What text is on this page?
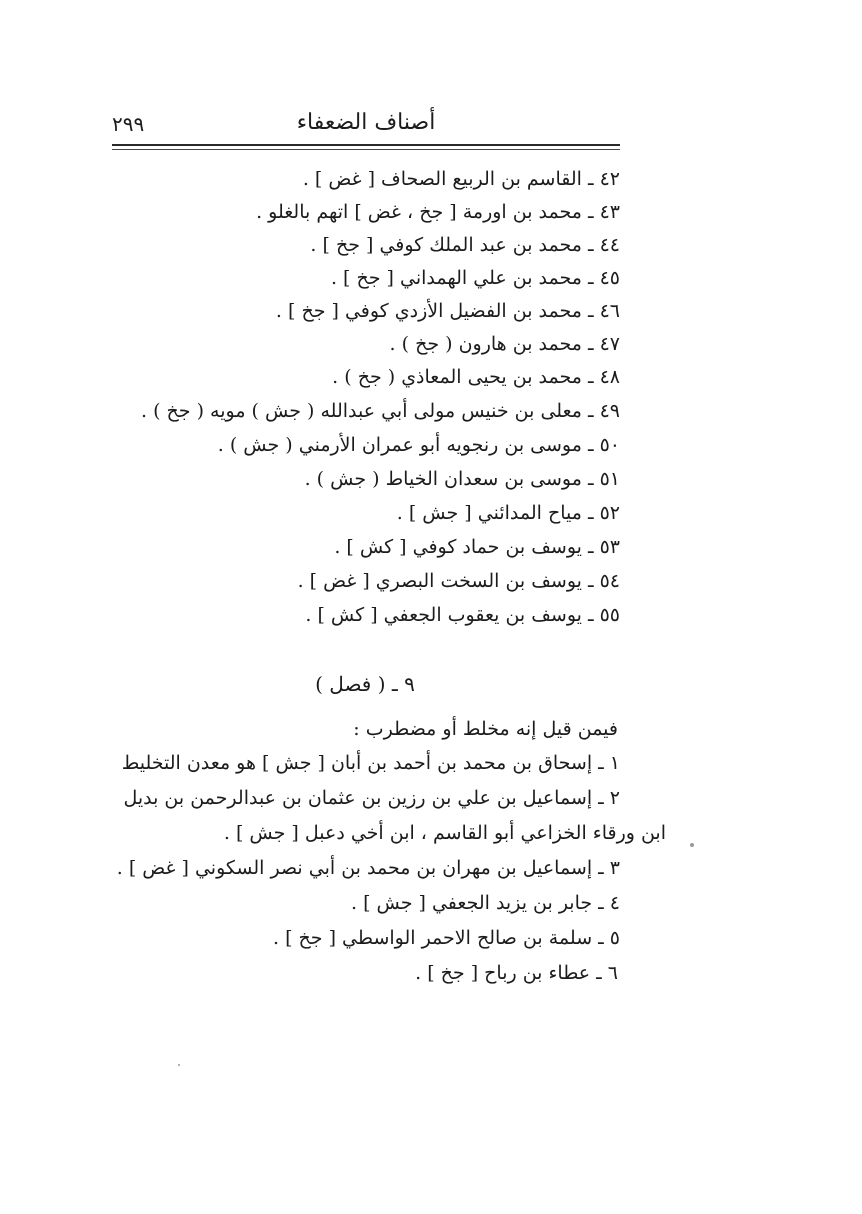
٢٩٩	أصناف الضعفاء
٤٢ ـ القاسم بن الربيع الصحاف [ غض ] .
٤٣ ـ محمد بن اورمة [ جخ ، غض ] اتهم بالغلو .
٤٤ ـ محمد بن عبد الملك كوفي [ جخ ] .
٤٥ ـ محمد بن علي الهمداني [ جخ ] .
٤٦ ـ محمد بن الفضيل الأزدي كوفي [ جخ ] .
٤٧ ـ محمد بن هارون ( جخ ) .
٤٨ ـ محمد بن يحيى المعاذي ( جخ ) .
٤٩ ـ معلى بن خنيس مولى أبي عبدالله ( جش ) مويه ( جخ ) .
٥٠ ـ موسى بن رنجويه أبو عمران الأرمني ( جش ) .
٥١ ـ موسى بن سعدان الخياط ( جش ) .
٥٢ ـ مياح المدائني [ جش ] .
٥٣ ـ يوسف بن حماد كوفي [ كش ] .
٥٤ ـ يوسف بن السخت البصري [ غض ] .
٥٥ ـ يوسف بن يعقوب الجعفي [ كش ] .
٩ ـ ( فصل )
فيمن قيل إنه مخلط أو مضطرب :
١ ـ إسحاق بن محمد بن أحمد بن أبان [ جش ] هو معدن التخليط
٢ ـ إسماعيل بن علي بن رزين بن عثمان بن عبدالرحمن بن بديل
ابن ورقاء الخزاعي أبو القاسم ، ابن أخي دعبل [ جش ] .
٣ ـ إسماعيل بن مهران بن محمد بن أبي نصر السكوني [ غض ] .
٤ ـ جابر بن يزيد الجعفي [ جش ] .
٥ ـ سلمة بن صالح الاحمر الواسطي [ جخ ] .
٦ ـ عطاء بن رباح [ جخ ] .
